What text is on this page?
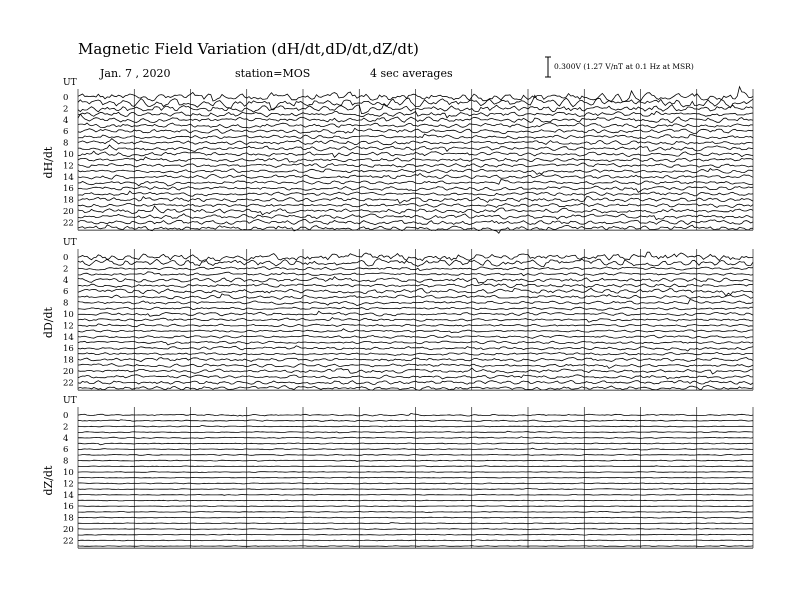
Magnetic Field Variation (dH/dt,dD/dt,dZ/dt)
Jan. 7 , 2020	station=MOS	4 sec averages
0.300V (1.27 V/nT at 0.1 Hz at MSR)
UT
dH/dt
0
2
4
6
8
10
12
14
16
18
20
22
UT
dD/dt
0
2
4
6
8
10
12
14
16
18
20
22
UT
dZ/dt
0
2
4
6
8
10
12
14
16
18
20
22
